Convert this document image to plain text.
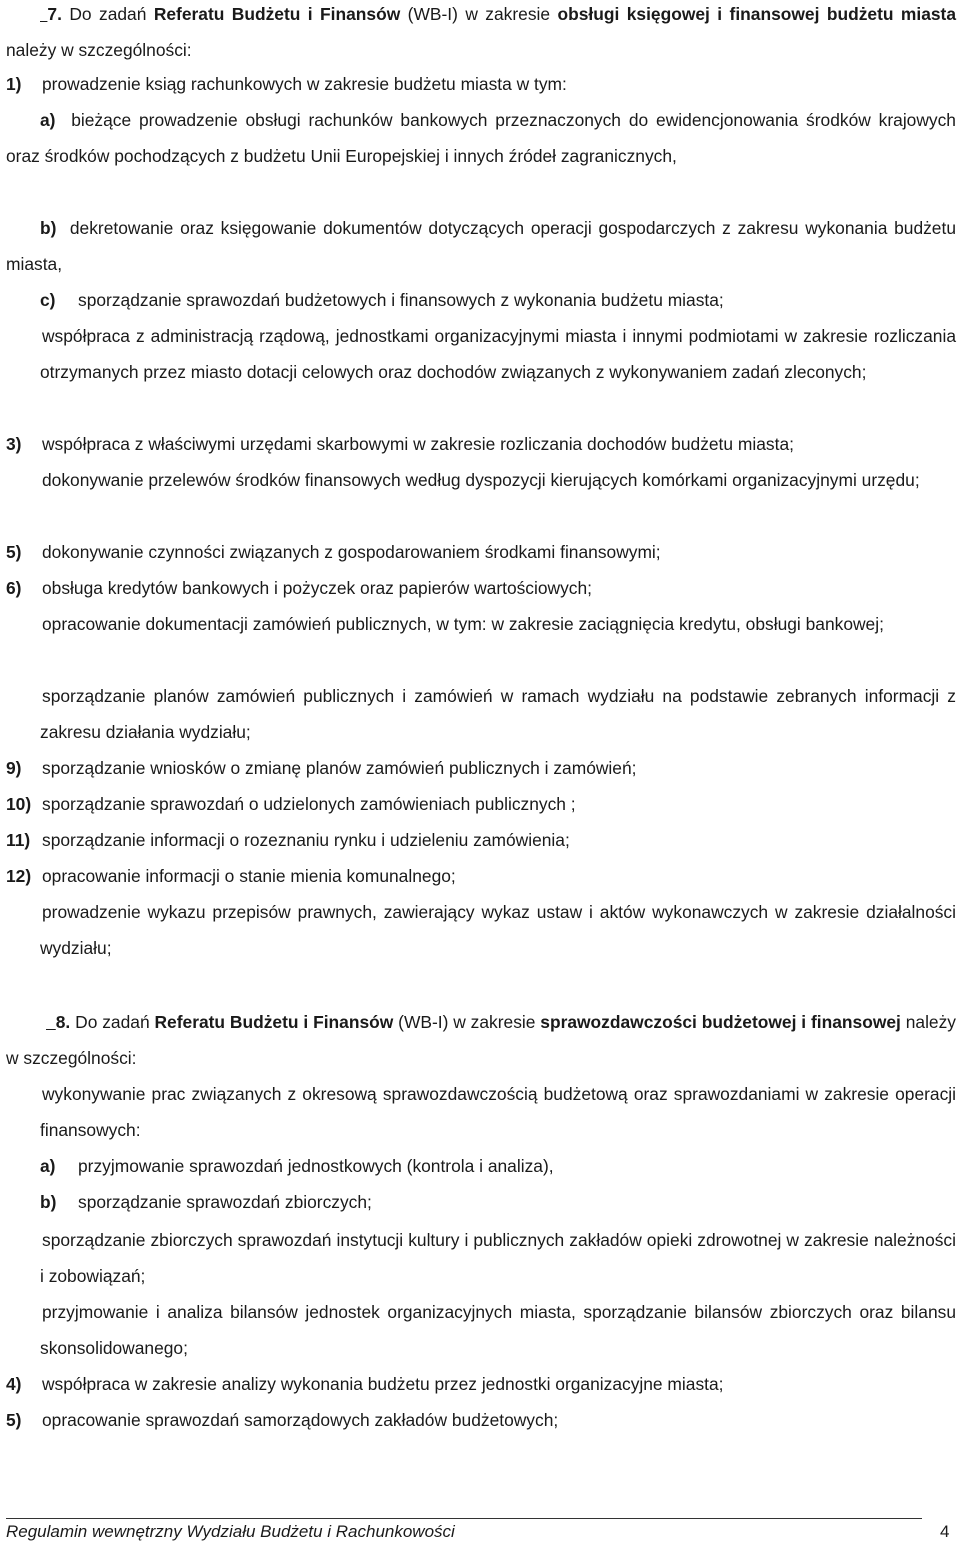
7. Do zadań Referatu Budżetu i Finansów (WB-I) w zakresie obsługi księgowej i finansowej budżetu miasta należy w szczególności:
1) prowadzenie ksiąg rachunkowych w zakresie budżetu miasta w tym:
a) bieżące prowadzenie obsługi rachunków bankowych przeznaczonych do ewidencjonowania środków krajowych oraz środków pochodzących z budżetu Unii Europejskiej i innych źródeł zagranicznych,
b) dekretowanie oraz księgowanie dokumentów dotyczących operacji gospodarczych z zakresu wykonania budżetu miasta,
c) sporządzanie sprawozdań budżetowych i finansowych z wykonania budżetu miasta;
współpraca z administracją rządową, jednostkami organizacyjnymi miasta i innymi podmiotami w zakresie rozliczania otrzymanych przez miasto dotacji celowych oraz dochodów związanych z wykonywaniem zadań zleconych;
3) współpraca z właściwymi urzędami skarbowymi w zakresie rozliczania dochodów budżetu miasta;
dokonywanie przelewów środków finansowych według dyspozycji kierujących komórkami organizacyjnymi urzędu;
5) dokonywanie czynności związanych z gospodarowaniem środkami finansowymi;
6) obsługa kredytów bankowych i pożyczek oraz papierów wartościowych;
opracowanie dokumentacji zamówień publicznych, w tym: w zakresie zaciągnięcia kredytu, obsługi bankowej;
sporządzanie planów zamówień publicznych i zamówień w ramach wydziału na podstawie zebranych informacji z zakresu działania wydziału;
9) sporządzanie wniosków o zmianę planów zamówień publicznych i zamówień;
10) sporządzanie sprawozdań o udzielonych zamówieniach publicznych ;
11) sporządzanie informacji o rozeznaniu rynku i udzieleniu zamówienia;
12) opracowanie informacji o stanie mienia komunalnego;
prowadzenie wykazu przepisów prawnych, zawierający wykaz ustaw i aktów wykonawczych w zakresie działalności wydziału;
8. Do zadań Referatu Budżetu i Finansów (WB-I) w zakresie sprawozdawczości budżetowej i finansowej należy w szczególności:
wykonywanie prac związanych z okresową sprawozdawczością budżetową oraz sprawozdaniami w zakresie operacji finansowych:
a) przyjmowanie sprawozdań jednostkowych (kontrola i analiza),
b) sporządzanie sprawozdań zbiorczych;
sporządzanie zbiorczych sprawozdań instytucji kultury i publicznych zakładów opieki zdrowotnej w zakresie należności i zobowiązań;
przyjmowanie i analiza bilansów jednostek organizacyjnych miasta, sporządzanie bilansów zbiorczych oraz bilansu skonsolidowanego;
4) współpraca w zakresie analizy wykonania budżetu przez jednostki organizacyjne miasta;
5) opracowanie sprawozdań samorządowych zakładów budżetowych;
Regulamin wewnętrzny Wydziału Budżetu i Rachunkowości	4
